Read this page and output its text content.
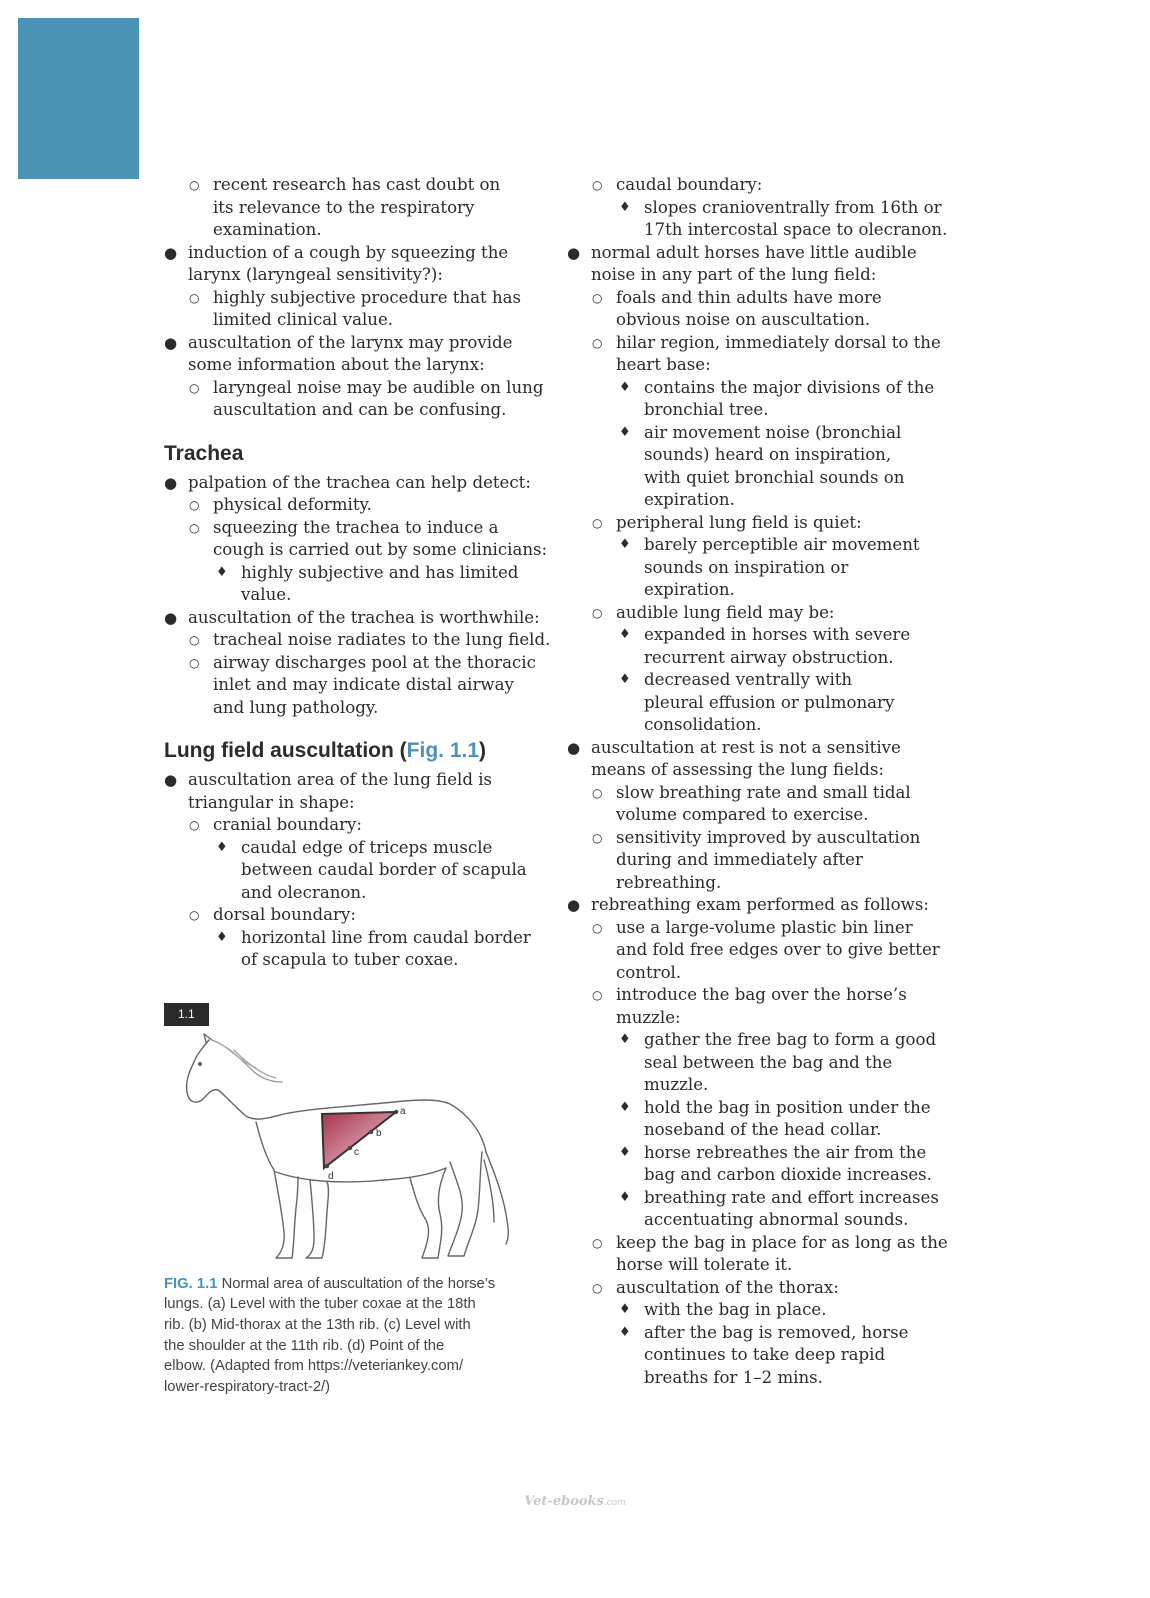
○ recent research has cast doubt on
its relevance to the respiratory
examination.
● induction of a cough by squeezing the
larynx (laryngeal sensitivity?):
○ highly subjective procedure that has
limited clinical value.
● auscultation of the larynx may provide
some information about the larynx:
○ laryngeal noise may be audible on lung
auscultation and can be confusing.
Trachea
● palpation of the trachea can help detect:
○ physical deformity.
○ squeezing the trachea to induce a
cough is carried out by some clinicians:
♦ highly subjective and has limited
value.
● auscultation of the trachea is worthwhile:
○ tracheal noise radiates to the lung field.
○ airway discharges pool at the thoracic
inlet and may indicate distal airway
and lung pathology.
Lung field auscultation (Fig. 1.1)
● auscultation area of the lung field is
triangular in shape:
○ cranial boundary:
♦ caudal edge of triceps muscle
between caudal border of scapula
and olecranon.
○ dorsal boundary:
♦ horizontal line from caudal border
of scapula to tuber coxae.
1.1
a
b
c
d
FIG. 1.1 Normal area of auscultation of the horse’s
lungs. (a) Level with the tuber coxae at the 18th
rib. (b) Mid-thorax at the 13th rib. (c) Level with
the shoulder at the 11th rib. (d) Point of the
elbow. (Adapted from https://veteriankey.com/
lower-respiratory-tract-2/)
○ caudal boundary:
♦ slopes cranioventrally from 16th or
17th intercostal space to olecranon.
● normal adult horses have little audible
noise in any part of the lung field:
○ foals and thin adults have more
obvious noise on auscultation.
○ hilar region, immediately dorsal to the
heart base:
♦ contains the major divisions of the
bronchial tree.
♦ air movement noise (bronchial
sounds) heard on inspiration,
with quiet bronchial sounds on
expiration.
○ peripheral lung field is quiet:
♦ barely perceptible air movement
sounds on inspiration or
expiration.
○ audible lung field may be:
♦ expanded in horses with severe
recurrent airway obstruction.
♦ decreased ventrally with
pleural effusion or pulmonary
consolidation.
● auscultation at rest is not a sensitive
means of assessing the lung fields:
○ slow breathing rate and small tidal
volume compared to exercise.
○ sensitivity improved by auscultation
during and immediately after
rebreathing.
● rebreathing exam performed as follows:
○ use a large-volume plastic bin liner
and fold free edges over to give better
control.
○ introduce the bag over the horse’s
muzzle:
♦ gather the free bag to form a good
seal between the bag and the
muzzle.
♦ hold the bag in position under the
noseband of the head collar.
♦ horse rebreathes the air from the
bag and carbon dioxide increases.
♦ breathing rate and effort increases
accentuating abnormal sounds.
○ keep the bag in place for as long as the
horse will tolerate it.
○ auscultation of the thorax:
♦ with the bag in place.
♦ after the bag is removed, horse
continues to take deep rapid
breaths for 1–2 mins.
Vet-ebooks.com
